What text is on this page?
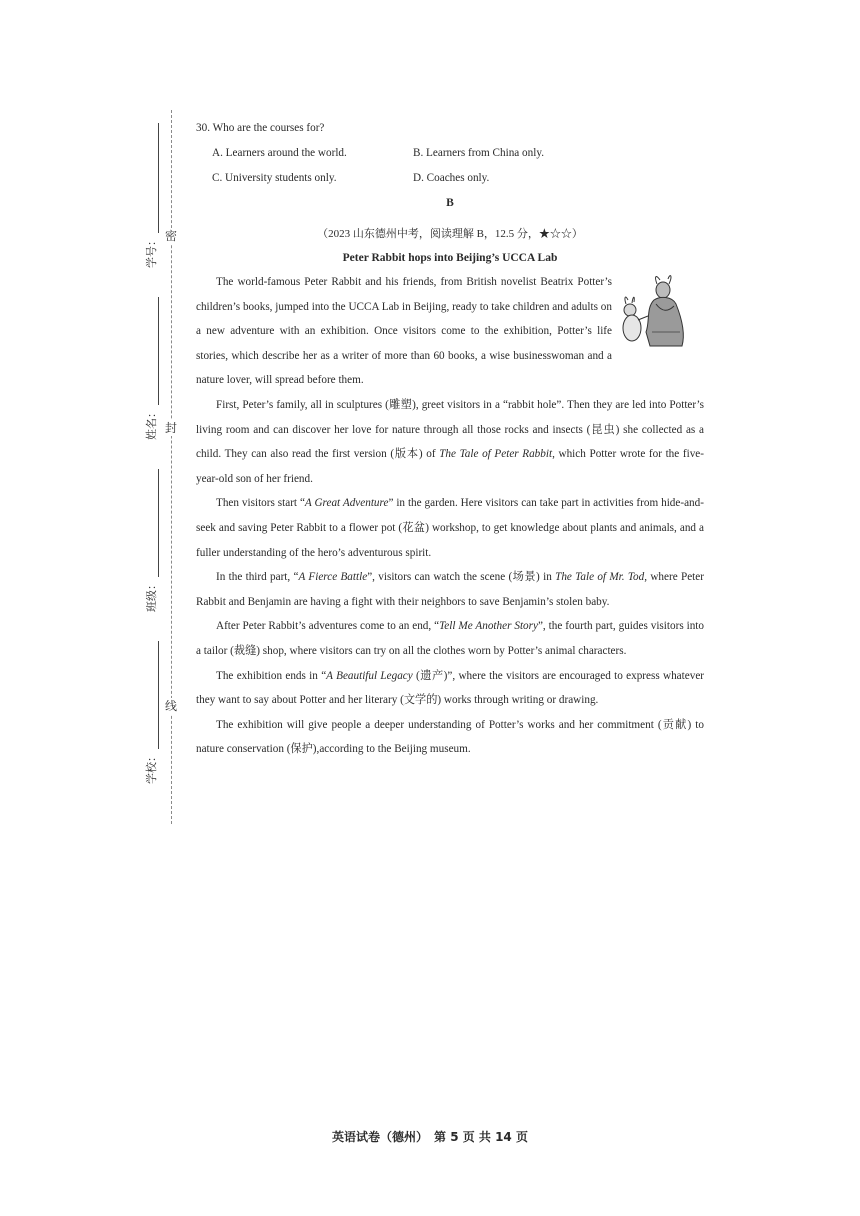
密
封
线
学号：
姓名：
班级：
学校：
30. Who are the courses for?
A. Learners around the world.	B. Learners from China only.
C. University students only.	D. Coaches only.
B
（2023 山东德州中考，阅读理解 B，12.5 分，★☆☆）
Peter Rabbit hops into Beijing’s UCCA Lab

The world-famous Peter Rabbit and his friends, from British novelist Beatrix Potter’s children’s books, jumped into the UCCA Lab in Beijing, ready to take children and adults on a new adventure with an exhibition. Once visitors come to the exhibition, Potter’s life stories, which describe her as a writer of more than 60 books, a wise businesswoman and a nature lover, will spread before them.

First, Peter’s family, all in sculptures (雕塑), greet visitors in a “rabbit hole”. Then they are led into Potter’s living room and can discover her love for nature through all those rocks and insects (昆虫) she collected as a child. They can also read the first version (版本) of The Tale of Peter Rabbit, which Potter wrote for the five-year-old son of her friend.

Then visitors start “A Great Adventure” in the garden. Here visitors can take part in activities from hide-and-seek and saving Peter Rabbit to a flower pot (花盆) workshop, to get knowledge about plants and animals, and a fuller understanding of the hero’s adventurous spirit.

In the third part, “A Fierce Battle”, visitors can watch the scene (场景) in The Tale of Mr. Tod, where Peter Rabbit and Benjamin are having a fight with their neighbors to save Benjamin’s stolen baby.

After Peter Rabbit’s adventures come to an end, “Tell Me Another Story”, the fourth part, guides visitors into a tailor (裁缝) shop, where visitors can try on all the clothes worn by Potter’s animal characters.

The exhibition ends in “A Beautiful Legacy (遗产)”, where the visitors are encouraged to express whatever they want to say about Potter and her literary (文学的) works through writing or drawing.

The exhibition will give people a deeper understanding of Potter’s works and her commitment (贡献) to nature conservation (保护),according to the Beijing museum.

英语试卷（德州）　第 5 页 共 14 页
